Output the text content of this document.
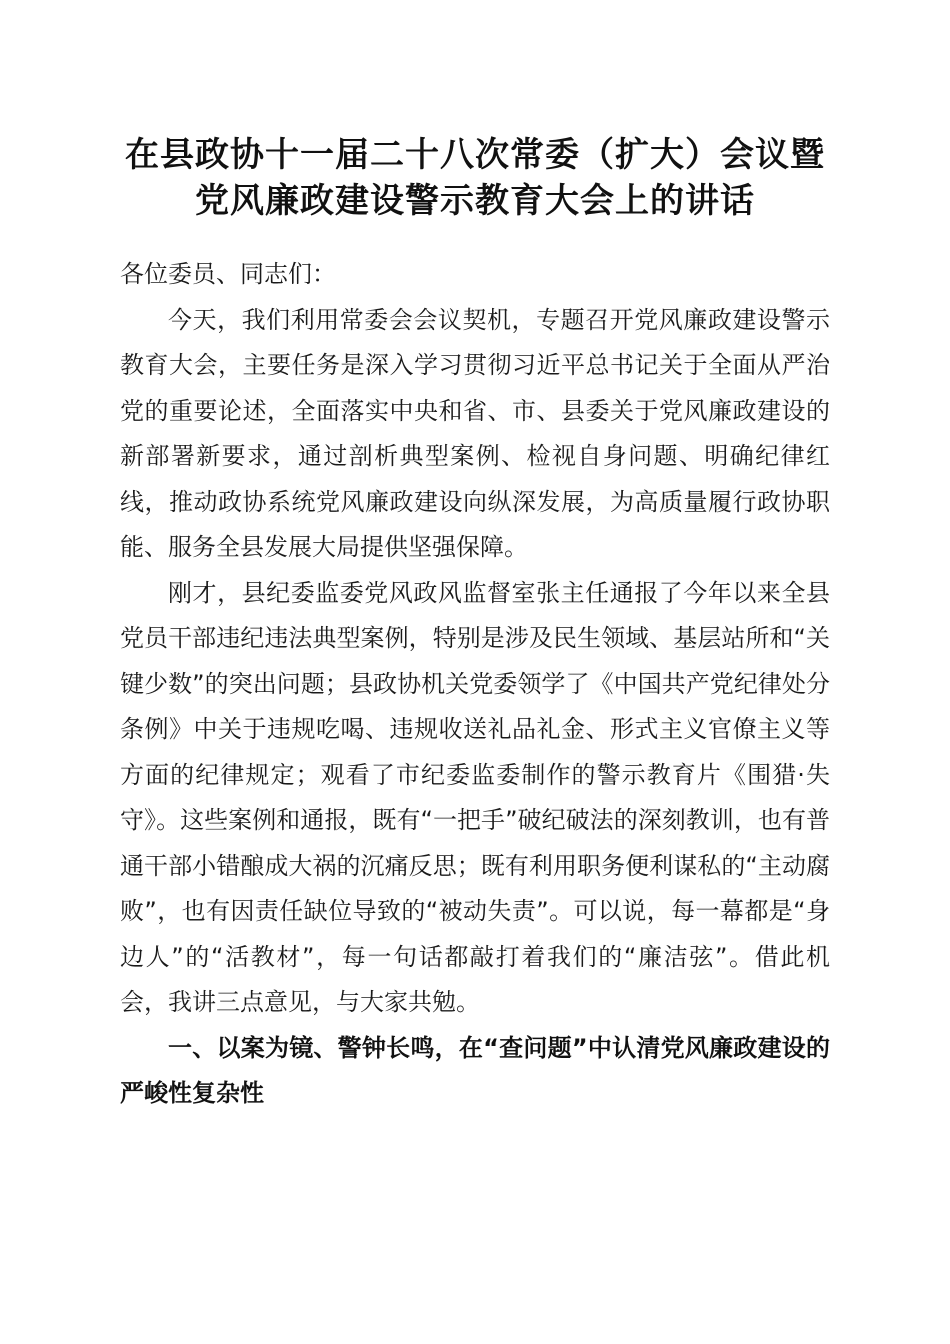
在县政协十一届二十八次常委（扩大）会议暨
党风廉政建设警示教育大会上的讲话

各位委员、同志们：

今天，我们利用常委会会议契机，专题召开党风廉政建设警示教育大会，主要任务是深入学习贯彻习近平总书记关于全面从严治党的重要论述，全面落实中央和省、市、县委关于党风廉政建设的新部署新要求，通过剖析典型案例、检视自身问题、明确纪律红线，推动政协系统党风廉政建设向纵深发展，为高质量履行政协职能、服务全县发展大局提供坚强保障。

刚才，县纪委监委党风政风监督室张主任通报了今年以来全县党员干部违纪违法典型案例，特别是涉及民生领域、基层站所和“关键少数”的突出问题；县政协机关党委领学了《中国共产党纪律处分条例》中关于违规吃喝、违规收送礼品礼金、形式主义官僚主义等方面的纪律规定；观看了市纪委监委制作的警示教育片《围猎·失守》。这些案例和通报，既有“一把手”破纪破法的深刻教训，也有普通干部小错酿成大祸的沉痛反思；既有利用职务便利谋私的“主动腐败”，也有因责任缺位导致的“被动失责”。可以说，每一幕都是“身边人”的“活教材”，每一句话都敲打着我们的“廉洁弦”。借此机会，我讲三点意见，与大家共勉。

一、以案为镜、警钟长鸣，在“查问题”中认清党风廉政建设的严峻性复杂性
